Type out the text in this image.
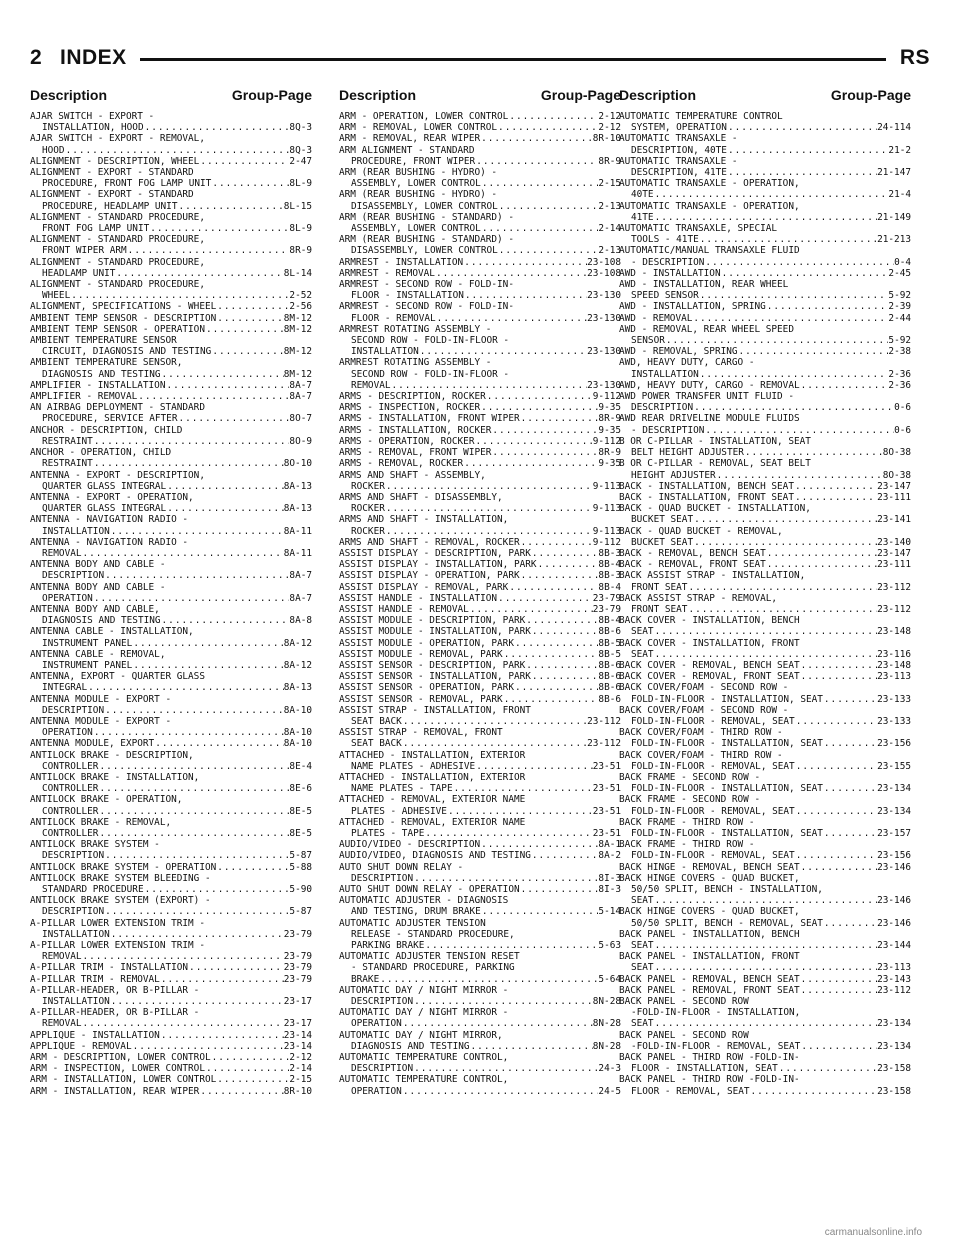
2 INDEX	RS
Description	Group-Page
AJAR SWITCH - EXPORT -
INSTALLATION, HOOD .....	8Q-3
AJAR SWITCH - EXPORT - REMOVAL,
HOOD .....	8Q-3
ALIGNMENT - DESCRIPTION, WHEEL .....	2-47
ALIGNMENT - EXPORT - STANDARD
PROCEDURE, FRONT FOG LAMP UNIT .....	8L-9
ALIGNMENT - EXPORT - STANDARD
PROCEDURE, HEADLAMP UNIT .....	8L-15
ALIGNMENT - STANDARD PROCEDURE,
FRONT FOG LAMP UNIT .....	8L-9
ALIGNMENT - STANDARD PROCEDURE,
FRONT WIPER ARM .....	8R-9
ALIGNMENT - STANDARD PROCEDURE,
HEADLAMP UNIT .....	8L-14
ALIGNMENT - STANDARD PROCEDURE,
WHEEL .....	2-52
ALIGNMENT, SPECIFICATIONS - WHEEL .....	2-56
AMBIENT TEMP SENSOR - DESCRIPTION .....	8M-12
AMBIENT TEMP SENSOR - OPERATION .....	8M-12
AMBIENT TEMPERATURE SENSOR
CIRCUIT, DIAGNOSIS AND TESTING .....	8M-12
AMBIENT TEMPERATURE SENSOR,
DIAGNOSIS AND TESTING .....	8M-12
AMPLIFIER - INSTALLATION .....	8A-7
AMPLIFIER - REMOVAL .....	8A-7
AN AIRBAG DEPLOYMENT - STANDARD
PROCEDURE, SERVICE AFTER .....	8O-7
ANCHOR - DESCRIPTION, CHILD
RESTRAINT .....	8O-9
ANCHOR - OPERATION, CHILD
RESTRAINT .....	8O-10
ANTENNA - EXPORT - DESCRIPTION,
QUARTER GLASS INTEGRAL .....	8A-13
ANTENNA - EXPORT - OPERATION,
QUARTER GLASS INTEGRAL .....	8A-13
ANTENNA - NAVIGATION RADIO -
INSTALLATION .....	8A-11
ANTENNA - NAVIGATION RADIO -
REMOVAL .....	8A-11
ANTENNA BODY AND CABLE -
DESCRIPTION .....	8A-7
ANTENNA BODY AND CABLE -
OPERATION .....	8A-7
ANTENNA BODY AND CABLE,
DIAGNOSIS AND TESTING .....	8A-8
ANTENNA CABLE - INSTALLATION,
INSTRUMENT PANEL .....	8A-12
ANTENNA CABLE - REMOVAL,
INSTRUMENT PANEL .....	8A-12
ANTENNA, EXPORT - QUARTER GLASS
INTEGRAL .....	8A-13
ANTENNA MODULE - EXPORT -
DESCRIPTION .....	8A-10
ANTENNA MODULE - EXPORT -
OPERATION .....	8A-10
ANTENNA MODULE, EXPORT .....	8A-10
ANTILOCK BRAKE - DESCRIPTION,
CONTROLLER .....	8E-4
ANTILOCK BRAKE - INSTALLATION,
CONTROLLER .....	8E-6
ANTILOCK BRAKE - OPERATION,
CONTROLLER .....	8E-5
ANTILOCK BRAKE - REMOVAL,
CONTROLLER .....	8E-5
ANTILOCK BRAKE SYSTEM -
DESCRIPTION .....	5-87
ANTILOCK BRAKE SYSTEM - OPERATION .....	5-88
ANTILOCK BRAKE SYSTEM BLEEDING -
STANDARD PROCEDURE .....	5-90
ANTILOCK BRAKE SYSTEM (EXPORT) -
DESCRIPTION .....	5-87
A-PILLAR LOWER EXTENSION TRIM -
INSTALLATION .....	23-79
A-PILLAR LOWER EXTENSION TRIM -
REMOVAL .....	23-79
A-PILLAR TRIM - INSTALLATION .....	23-79
A-PILLAR TRIM - REMOVAL .....	23-79
A-PILLAR-HEADER, OR B-PILLAR -
INSTALLATION .....	23-17
A-PILLAR-HEADER, OR B-PILLAR -
REMOVAL .....	23-17
APPLIQUE - INSTALLATION .....	23-14
APPLIQUE - REMOVAL .....	23-14
ARM - DESCRIPTION, LOWER CONTROL .....	2-12
ARM - INSPECTION, LOWER CONTROL .....	2-14
ARM - INSTALLATION, LOWER CONTROL .....	2-15
ARM - INSTALLATION, REAR WIPER .....	8R-10
Description	Group-Page
ARM - OPERATION, LOWER CONTROL .....	2-12
ARM - REMOVAL, LOWER CONTROL .....	2-12
ARM - REMOVAL, REAR WIPER .....	8R-10
ARM ALIGNMENT - STANDARD
PROCEDURE, FRONT WIPER .....	8R-9
ARM (REAR BUSHING - HYDRO) -
ASSEMBLY, LOWER CONTROL .....	2-15
ARM (REAR BUSHING - HYDRO) -
DISASSEMBLY, LOWER CONTROL .....	2-13
ARM (REAR BUSHING - STANDARD) -
ASSEMBLY, LOWER CONTROL .....	2-14
ARM (REAR BUSHING - STANDARD) -
DISASSEMBLY, LOWER CONTROL .....	2-13
ARMREST - INSTALLATION .....	23-108
ARMREST - REMOVAL .....	23-108
ARMREST - SECOND ROW - FOLD-IN-
FLOOR - INSTALLATION .....	23-130
ARMREST - SECOND ROW - FOLD-IN-
FLOOR - REMOVAL .....	23-130
ARMREST ROTATING ASSEMBLY -
SECOND ROW - FOLD-IN-FLOOR -
INSTALLATION .....	23-130
ARMREST ROTATING ASSEMBLY -
SECOND ROW - FOLD-IN-FLOOR -
REMOVAL .....	23-130
ARMS - DESCRIPTION, ROCKER .....	9-112
ARMS - INSPECTION, ROCKER .....	9-35
ARMS - INSTALLATION, FRONT WIPER .....	8R-9
ARMS - INSTALLATION, ROCKER .....	9-35
ARMS - OPERATION, ROCKER .....	9-112
ARMS - REMOVAL, FRONT WIPER .....	8R-9
ARMS - REMOVAL, ROCKER .....	9-35
ARMS AND SHAFT - ASSEMBLY,
ROCKER .....	9-113
ARMS AND SHAFT - DISASSEMBLY,
ROCKER .....	9-113
ARMS AND SHAFT - INSTALLATION,
ROCKER .....	9-113
ARMS AND SHAFT - REMOVAL, ROCKER .....	9-112
ASSIST DISPLAY - DESCRIPTION, PARK .....	8B-3
ASSIST DISPLAY - INSTALLATION, PARK .....	8B-4
ASSIST DISPLAY - OPERATION, PARK .....	8B-3
ASSIST DISPLAY - REMOVAL, PARK .....	8B-4
ASSIST HANDLE - INSTALLATION .....	23-79
ASSIST HANDLE - REMOVAL .....	23-79
ASSIST MODULE - DESCRIPTION, PARK .....	8B-4
ASSIST MODULE - INSTALLATION, PARK .....	8B-6
ASSIST MODULE - OPERATION, PARK .....	8B-5
ASSIST MODULE - REMOVAL, PARK .....	8B-5
ASSIST SENSOR - DESCRIPTION, PARK .....	8B-6
ASSIST SENSOR - INSTALLATION, PARK .....	8B-6
ASSIST SENSOR - OPERATION, PARK .....	8B-6
ASSIST SENSOR - REMOVAL, PARK .....	8B-6
ASSIST STRAP - INSTALLATION, FRONT
SEAT BACK .....	23-112
ASSIST STRAP - REMOVAL, FRONT
SEAT BACK .....	23-112
ATTACHED - INSTALLATION, EXTERIOR
NAME PLATES - ADHESIVE .....	23-51
ATTACHED - INSTALLATION, EXTERIOR
NAME PLATES - TAPE .....	23-51
ATTACHED - REMOVAL, EXTERIOR NAME
PLATES - ADHESIVE .....	23-51
ATTACHED - REMOVAL, EXTERIOR NAME
PLATES - TAPE .....	23-51
AUDIO/VIDEO - DESCRIPTION .....	8A-1
AUDIO/VIDEO, DIAGNOSIS AND TESTING .....	8A-2
AUTO SHUT DOWN RELAY -
DESCRIPTION .....	8I-3
AUTO SHUT DOWN RELAY - OPERATION .....	8I-3
AUTOMATIC ADJUSTER - DIAGNOSIS
AND TESTING, DRUM BRAKE .....	5-14
AUTOMATIC ADJUSTER TENSION
RELEASE - STANDARD PROCEDURE,
PARKING BRAKE .....	5-63
AUTOMATIC ADJUSTER TENSION RESET
- STANDARD PROCEDURE, PARKING
BRAKE .....	5-64
AUTOMATIC DAY / NIGHT MIRROR -
DESCRIPTION .....	8N-28
AUTOMATIC DAY / NIGHT MIRROR -
OPERATION .....	8N-28
AUTOMATIC DAY / NIGHT MIRROR,
DIAGNOSIS AND TESTING .....	8N-28
AUTOMATIC TEMPERATURE CONTROL,
DESCRIPTION .....	24-3
AUTOMATIC TEMPERATURE CONTROL,
OPERATION .....	24-5
Description	Group-Page
AUTOMATIC TEMPERATURE CONTROL
SYSTEM, OPERATION .....	24-114
AUTOMATIC TRANSAXLE -
DESCRIPTION, 40TE .....	21-2
AUTOMATIC TRANSAXLE -
DESCRIPTION, 41TE .....	21-147
AUTOMATIC TRANSAXLE - OPERATION,
40TE .....	21-4
AUTOMATIC TRANSAXLE - OPERATION,
41TE .....	21-149
AUTOMATIC TRANSAXLE, SPECIAL
TOOLS - 41TE .....	21-213
AUTOMATIC/MANUAL TRANSAXLE FLUID
- DESCRIPTION .....	0-4
AWD - INSTALLATION .....	2-45
AWD - INSTALLATION, REAR WHEEL
SPEED SENSOR .....	5-92
AWD - INSTALLATION, SPRING .....	2-39
AWD - REMOVAL .....	2-44
AWD - REMOVAL, REAR WHEEL SPEED
SENSOR .....	5-92
AWD - REMOVAL, SPRING .....	2-38
AWD, HEAVY DUTY, CARGO -
INSTALLATION .....	2-36
AWD, HEAVY DUTY, CARGO - REMOVAL .....	2-36
AWD POWER TRANSFER UNIT FLUID -
DESCRIPTION .....	0-6
AWD REAR DRIVELINE MODULE FLUIDS
- DESCRIPTION .....	0-6
B OR C-PILLAR - INSTALLATION, SEAT
BELT HEIGHT ADJUSTER .....	8O-38
B OR C-PILLAR - REMOVAL, SEAT BELT
HEIGHT ADJUSTER .....	8O-38
BACK - INSTALLATION, BENCH SEAT .....	23-147
BACK - INSTALLATION, FRONT SEAT .....	23-111
BACK - QUAD BUCKET - INSTALLATION,
BUCKET SEAT .....	23-141
BACK - QUAD BUCKET - REMOVAL,
BUCKET SEAT .....	23-140
BACK - REMOVAL, BENCH SEAT .....	23-147
BACK - REMOVAL, FRONT SEAT .....	23-111
BACK ASSIST STRAP - INSTALLATION,
FRONT SEAT .....	23-112
BACK ASSIST STRAP - REMOVAL,
FRONT SEAT .....	23-112
BACK COVER - INSTALLATION, BENCH
SEAT .....	23-148
BACK COVER - INSTALLATION, FRONT
SEAT .....	23-116
BACK COVER - REMOVAL, BENCH SEAT .....	23-148
BACK COVER - REMOVAL, FRONT SEAT .....	23-113
BACK COVER/FOAM - SECOND ROW -
FOLD-IN-FLOOR - INSTALLATION, SEAT .....	23-133
BACK COVER/FOAM - SECOND ROW -
FOLD-IN-FLOOR - REMOVAL, SEAT .....	23-133
BACK COVER/FOAM - THIRD ROW -
FOLD-IN-FLOOR - INSTALLATION, SEAT .....	23-156
BACK COVER/FOAM - THIRD ROW -
FOLD-IN-FLOOR - REMOVAL, SEAT .....	23-155
BACK FRAME - SECOND ROW -
FOLD-IN-FLOOR - INSTALLATION, SEAT .....	23-134
BACK FRAME - SECOND ROW -
FOLD-IN-FLOOR - REMOVAL, SEAT .....	23-134
BACK FRAME - THIRD ROW -
FOLD-IN-FLOOR - INSTALLATION, SEAT .....	23-157
BACK FRAME - THIRD ROW -
FOLD-IN-FLOOR - REMOVAL, SEAT .....	23-156
BACK HINGE - REMOVAL, BENCH SEAT .....	23-146
BACK HINGE COVERS - QUAD BUCKET,
50/50 SPLIT, BENCH - INSTALLATION,
SEAT .....	23-146
BACK HINGE COVERS - QUAD BUCKET,
50/50 SPLIT, BENCH - REMOVAL, SEAT .....	23-146
BACK PANEL - INSTALLATION, BENCH
SEAT .....	23-144
BACK PANEL - INSTALLATION, FRONT
SEAT .....	23-113
BACK PANEL - REMOVAL, BENCH SEAT .....	23-143
BACK PANEL - REMOVAL, FRONT SEAT .....	23-112
BACK PANEL - SECOND ROW
-FOLD-IN-FLOOR - INSTALLATION,
SEAT .....	23-134
BACK PANEL - SECOND ROW
-FOLD-IN-FLOOR - REMOVAL, SEAT .....	23-134
BACK PANEL - THIRD ROW -FOLD-IN-
FLOOR - INSTALLATION, SEAT .....	23-158
BACK PANEL - THIRD ROW -FOLD-IN-
FLOOR - REMOVAL, SEAT .....	23-158
carmanualsonline.info
